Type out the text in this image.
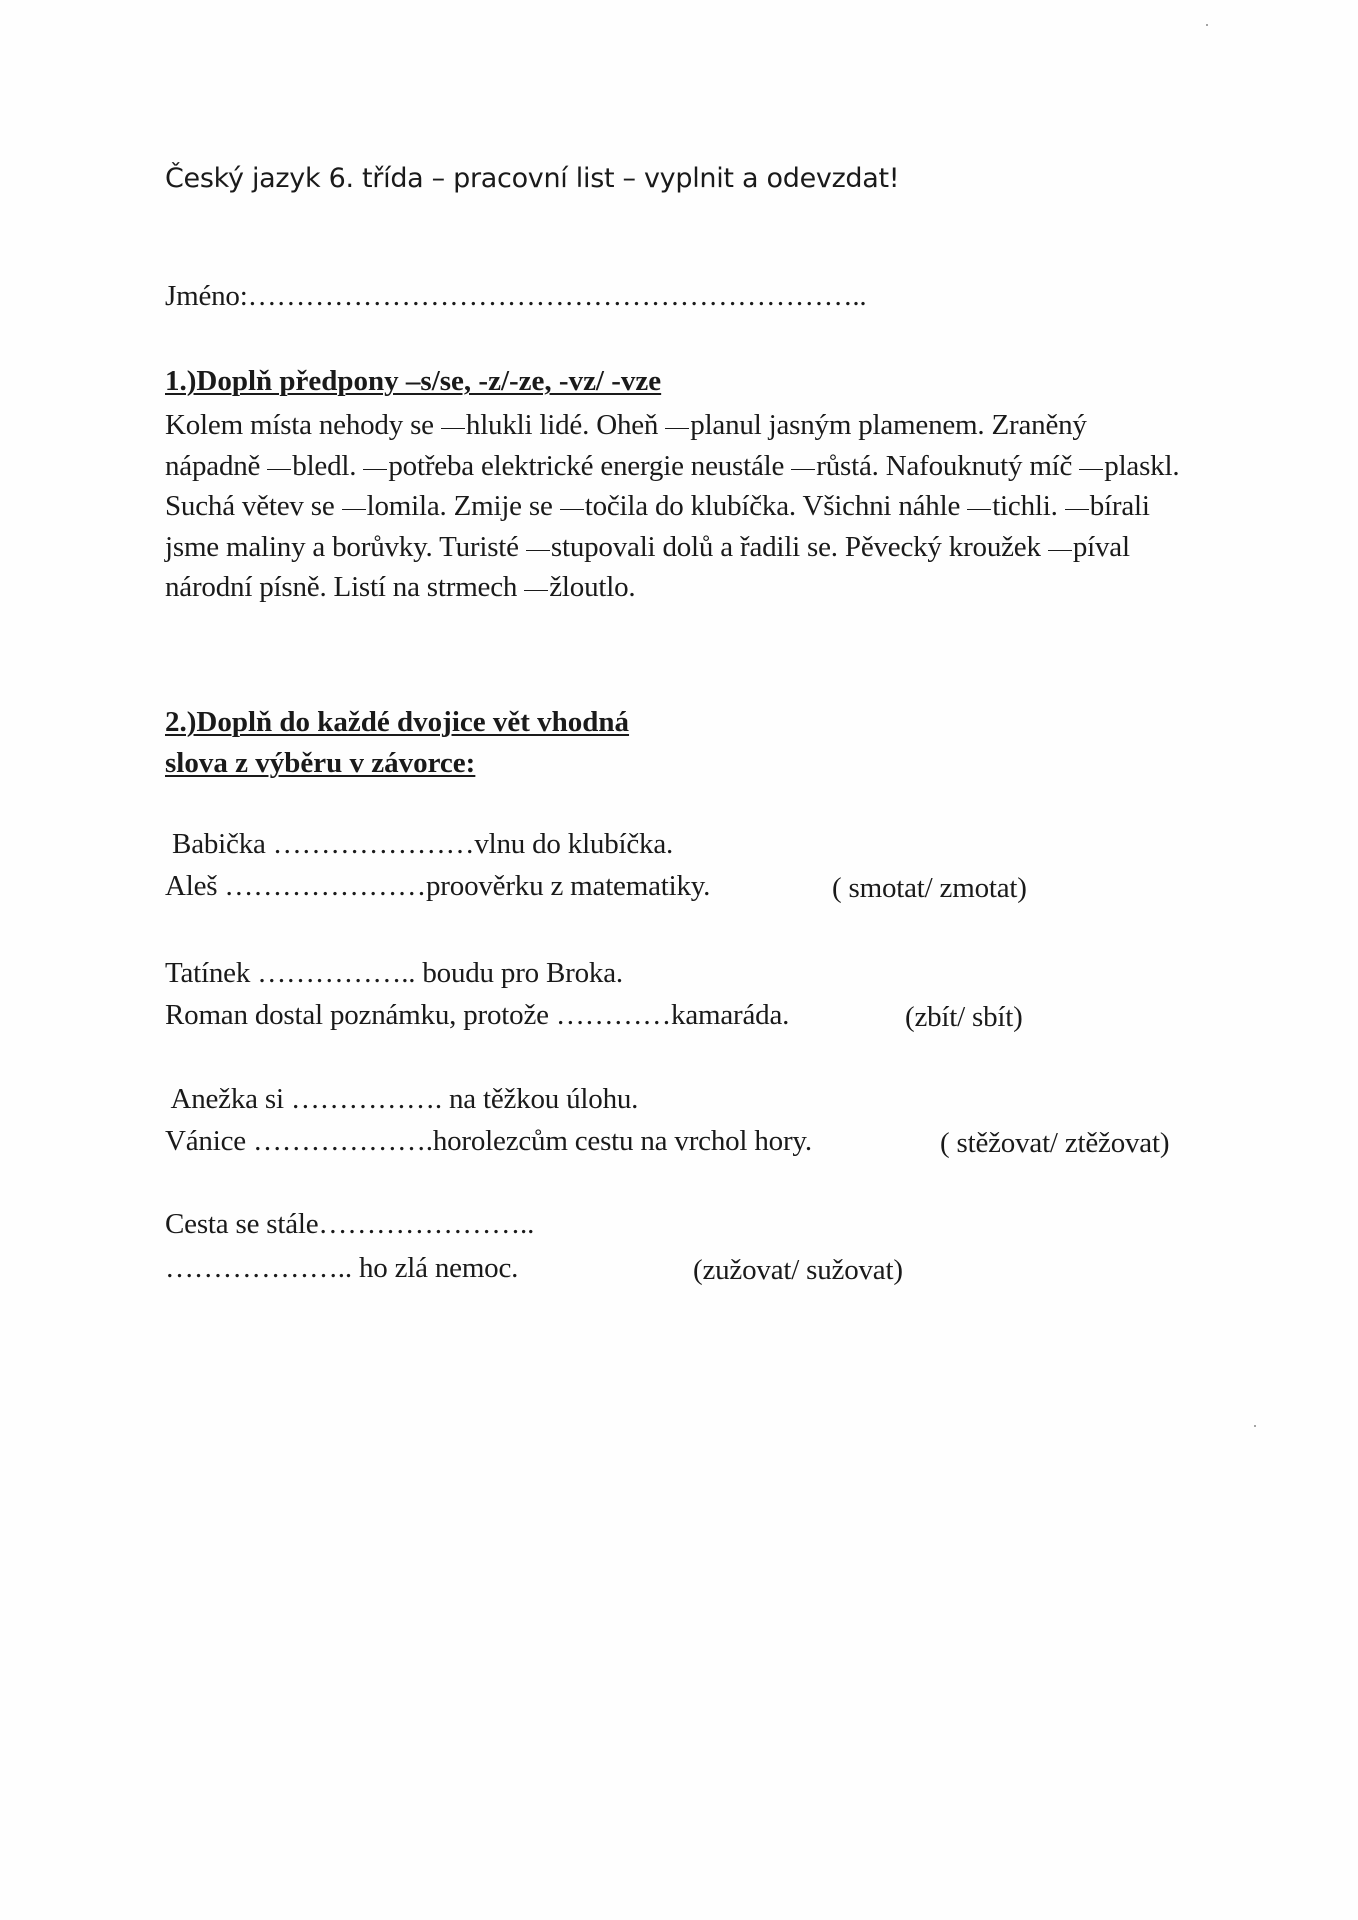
Český jazyk 6. třída – pracovní list – vyplnit a odevzdat!
Jméno:………………………………………………………..
1.)Doplň předpony –s/se, -z/-ze, -vz/ -vze
Kolem místa nehody se hlukli lidé. Oheň planul jasným plamenem. Zraněný nápadně bledl. potřeba elektrické energie neustále růstá. Nafouknutý míč plaskl. Suchá větev se lomila. Zmije se točila do klubíčka. Všichni náhle tichli. bírali jsme maliny a borůvky. Turisté stupovali dolů a řadili se. Pěvecký kroužek píval národní písně. Listí na strmech žloutlo.
2.)Doplň do každé dvojice vět vhodná
slova z výběru v závorce:
Babička …………………vlnu do klubíčka.
Aleš …………………proověrku z matematiky.	( smotat/ zmotat)
Tatínek …………….. boudu pro Broka.
Roman dostal poznámku, protože …………kamaráda.	(zbít/ sbít)
Anežka si ……………. na těžkou úlohu.
Vánice ……………….horolezcům cestu na vrchol hory.	( stěžovat/ ztěžovat)
Cesta se stále…………………..
……………….. ho zlá nemoc.	(zužovat/ sužovat)
